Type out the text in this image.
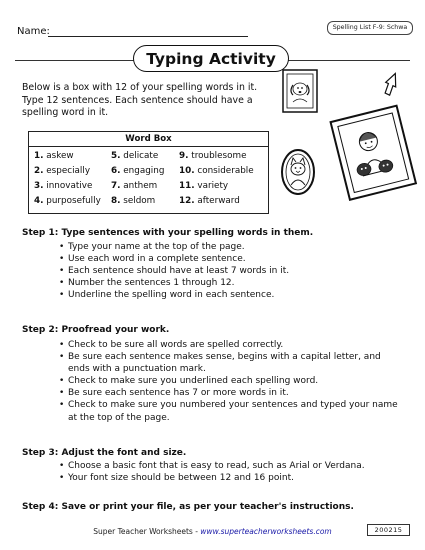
Name:	Spelling List F-9: Schwa
Typing Activity
Below is a box with 12 of your spelling words in it. Type 12 sentences. Each sentence should have a spelling word in it.
Word Box
1. askew
2. especially
3. innovative
4. purposefully
5. delicate
6. engaging
7. anthem
8. seldom
9. troublesome
10. considerable
11. variety
12. afterward
Step 1: Type sentences with your spelling words in them.
• Type your name at the top of the page.
• Use each word in a complete sentence.
• Each sentence should have at least 7 words in it.
• Number the sentences 1 through 12.
• Underline the spelling word in each sentence.
Step 2: Proofread your work.
• Check to be sure all words are spelled correctly.
• Be sure each sentence makes sense, begins with a capital letter, and ends with a punctuation mark.
• Check to make sure you underlined each spelling word.
• Be sure each sentence has 7 or more words in it.
• Check to make sure you numbered your sentences and typed your name at the top of the page.
Step 3: Adjust the font and size.
• Choose a basic font that is easy to read, such as Arial or Verdana.
• Your font size should be between 12 and 16 point.
Step 4: Save or print your file, as per your teacher's instructions.
Super Teacher Worksheets - www.superteacherworksheets.com	200215
